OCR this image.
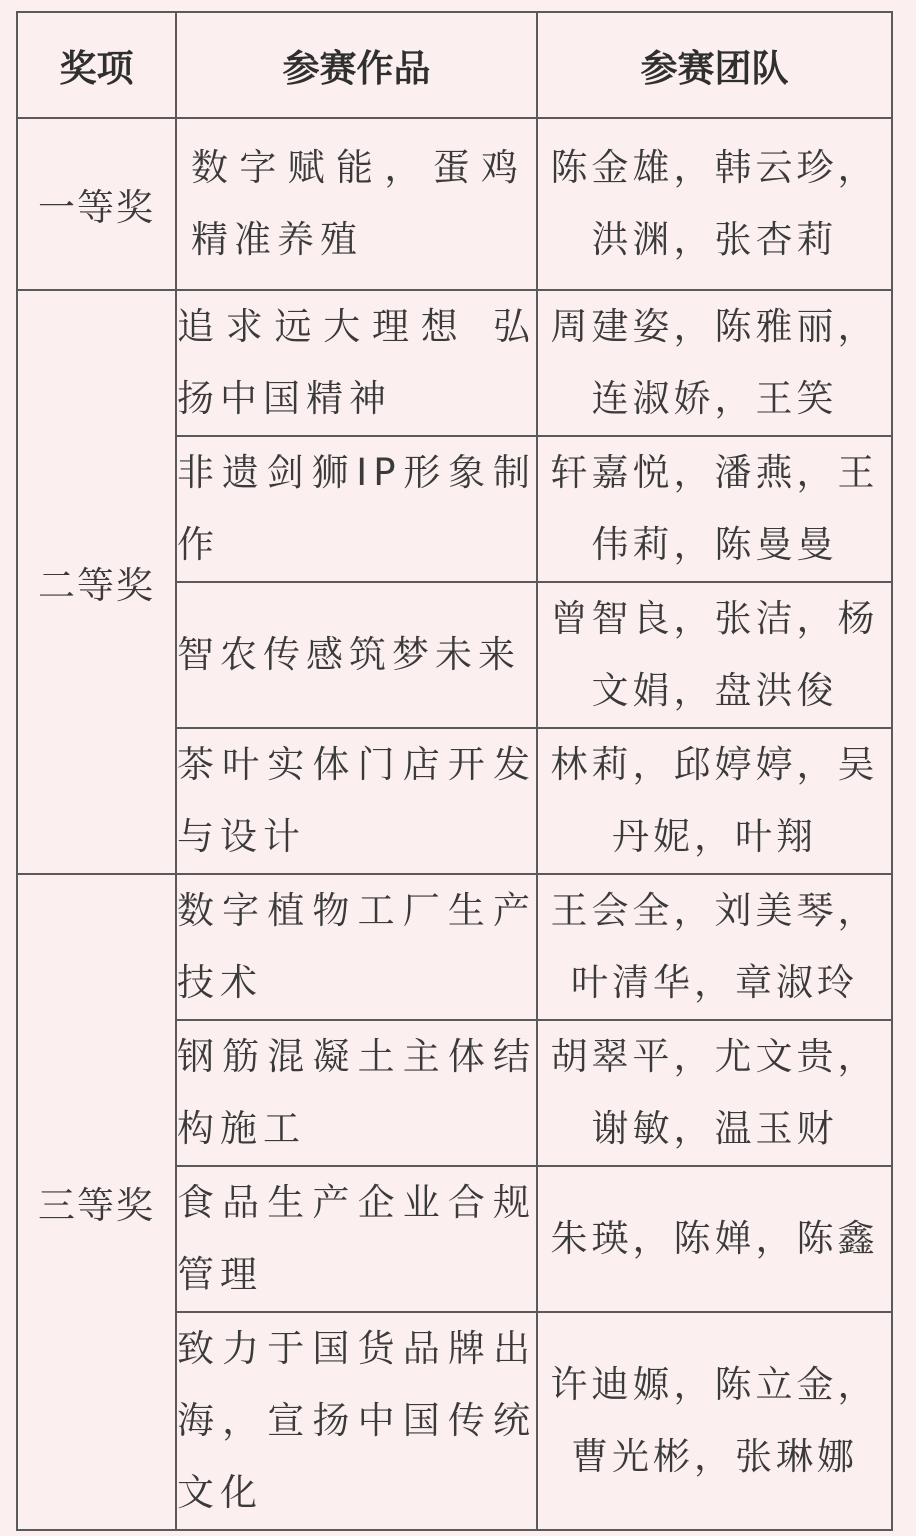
奖项	参赛作品	参赛团队
一等奖	数字赋能，蛋鸡精准养殖	陈金雄，韩云珍，洪渊，张杏莉
二等奖	追求远大理想 弘扬中国精神	周建姿，陈雅丽，连淑娇，王笑
	非遗剑狮IP形象制作	轩嘉悦，潘燕，王伟莉，陈曼曼
	智农传感筑梦未来	曾智良，张洁，杨文娟，盘洪俊
	茶叶实体门店开发与设计	林莉，邱婷婷，吴丹妮，叶翔
三等奖	数字植物工厂生产技术	王会全，刘美琴，叶清华，章淑玲
	钢筋混凝土主体结构施工	胡翠平，尤文贵，谢敏，温玉财
	食品生产企业合规管理	朱瑛，陈婵，陈鑫
	致力于国货品牌出海，宣扬中国传统文化	许迪嫄，陈立金，曹光彬，张琳娜
